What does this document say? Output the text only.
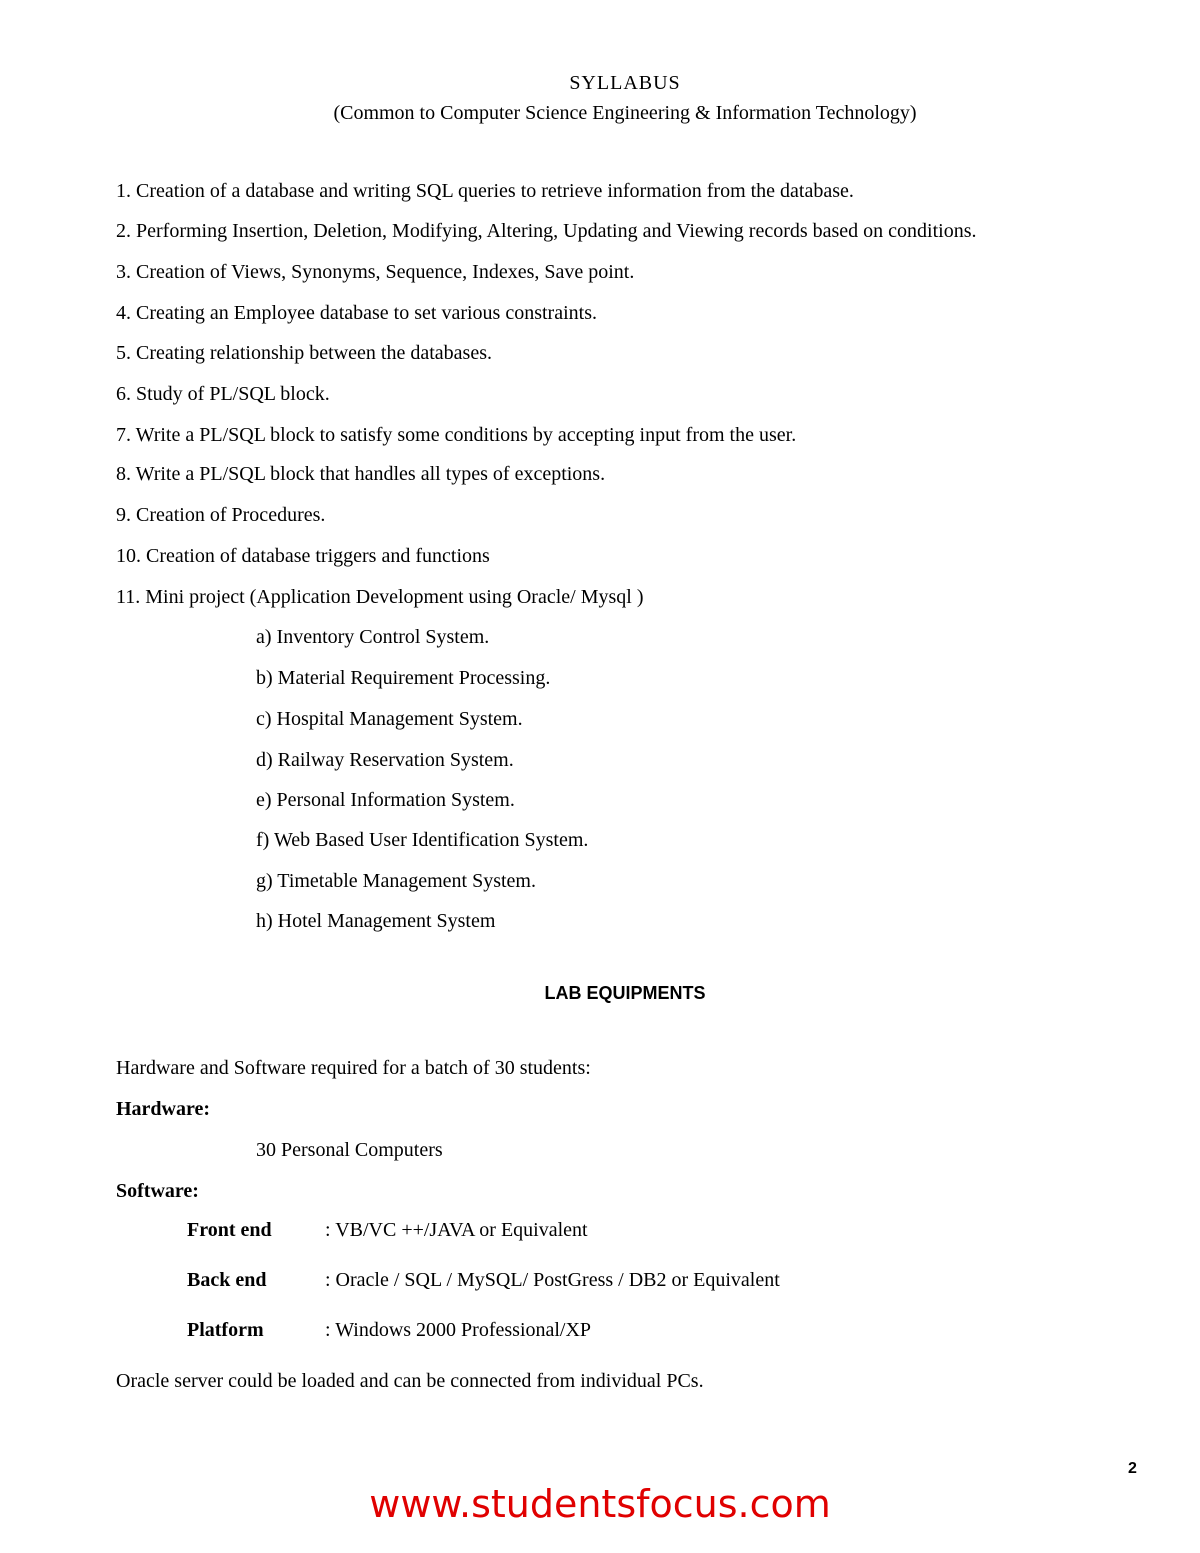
SYLLABUS
(Common to Computer Science Engineering & Information Technology)
1. Creation of a database and writing SQL queries to retrieve information from the database.
2. Performing Insertion, Deletion, Modifying, Altering, Updating and Viewing records based on conditions.
3. Creation of Views, Synonyms, Sequence, Indexes, Save point.
4. Creating an Employee database to set various constraints.
5. Creating relationship between the databases.
6. Study of PL/SQL block.
7. Write a PL/SQL block to satisfy some conditions by accepting input from the user.
8. Write a PL/SQL block that handles all types of exceptions.
9. Creation of Procedures.
10. Creation of database triggers and functions
11. Mini project (Application Development using Oracle/ Mysql )
a) Inventory Control System.
b) Material Requirement Processing.
c) Hospital Management System.
d) Railway Reservation System.
e) Personal Information System.
f) Web Based User Identification System.
g) Timetable Management System.
h) Hotel Management System
LAB EQUIPMENTS
Hardware and Software required for a batch of 30 students:
Hardware:
30 Personal Computers
Software:
Front end	: VB/VC ++/JAVA or Equivalent
Back end	: Oracle / SQL / MySQL/ PostGress / DB2 or Equivalent
Platform	: Windows 2000 Professional/XP
Oracle server could be loaded and can be connected from individual PCs.
2
www.studentsfocus.com
